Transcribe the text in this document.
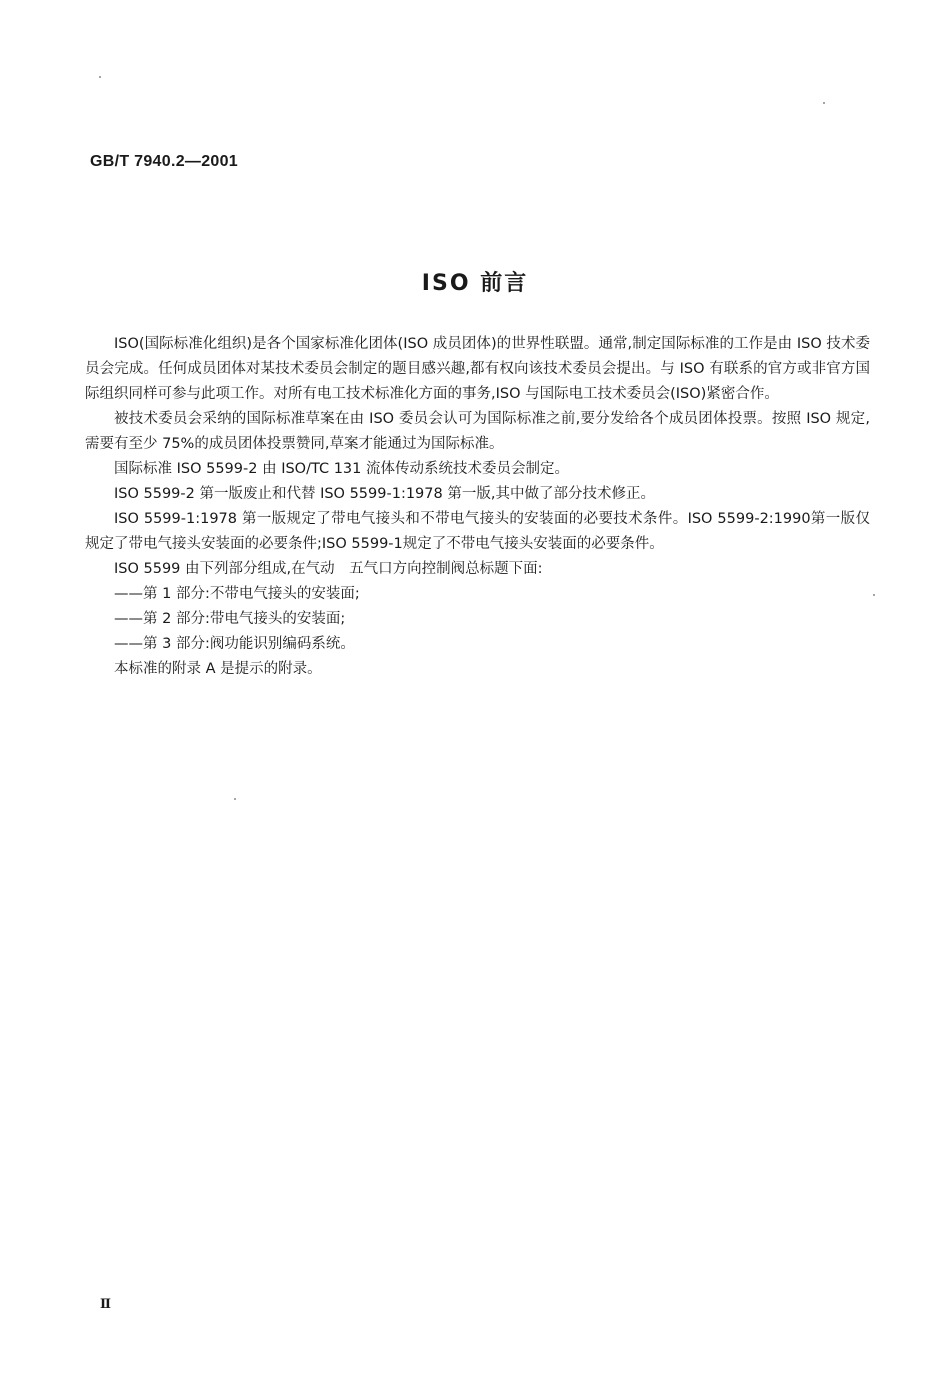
GB/T 7940.2—2001
ISO 前言

ISO(国际标准化组织)是各个国家标准化团体(ISO 成员团体)的世界性联盟。通常,制定国际标准的工作是由 ISO 技术委员会完成。任何成员团体对某技术委员会制定的题目感兴趣,都有权向该技术委员会提出。与 ISO 有联系的官方或非官方国际组织同样可参与此项工作。对所有电工技术标准化方面的事务,ISO 与国际电工技术委员会(ISO)紧密合作。

被技术委员会采纳的国际标准草案在由 ISO 委员会认可为国际标准之前,要分发给各个成员团体投票。按照 ISO 规定,需要有至少 75%的成员团体投票赞同,草案才能通过为国际标准。

国际标准 ISO 5599-2 由 ISO/TC 131 流体传动系统技术委员会制定。

ISO 5599-2 第一版废止和代替 ISO 5599-1:1978 第一版,其中做了部分技术修正。

ISO 5599-1:1978 第一版规定了带电气接头和不带电气接头的安装面的必要技术条件。ISO 5599-2:1990第一版仅规定了带电气接头安装面的必要条件;ISO 5599-1规定了不带电气接头安装面的必要条件。

ISO 5599 由下列部分组成,在气动　五气口方向控制阀总标题下面:

——第 1 部分:不带电气接头的安装面;

——第 2 部分:带电气接头的安装面;

——第 3 部分:阀功能识别编码系统。

本标准的附录 A 是提示的附录。

Ⅱ
